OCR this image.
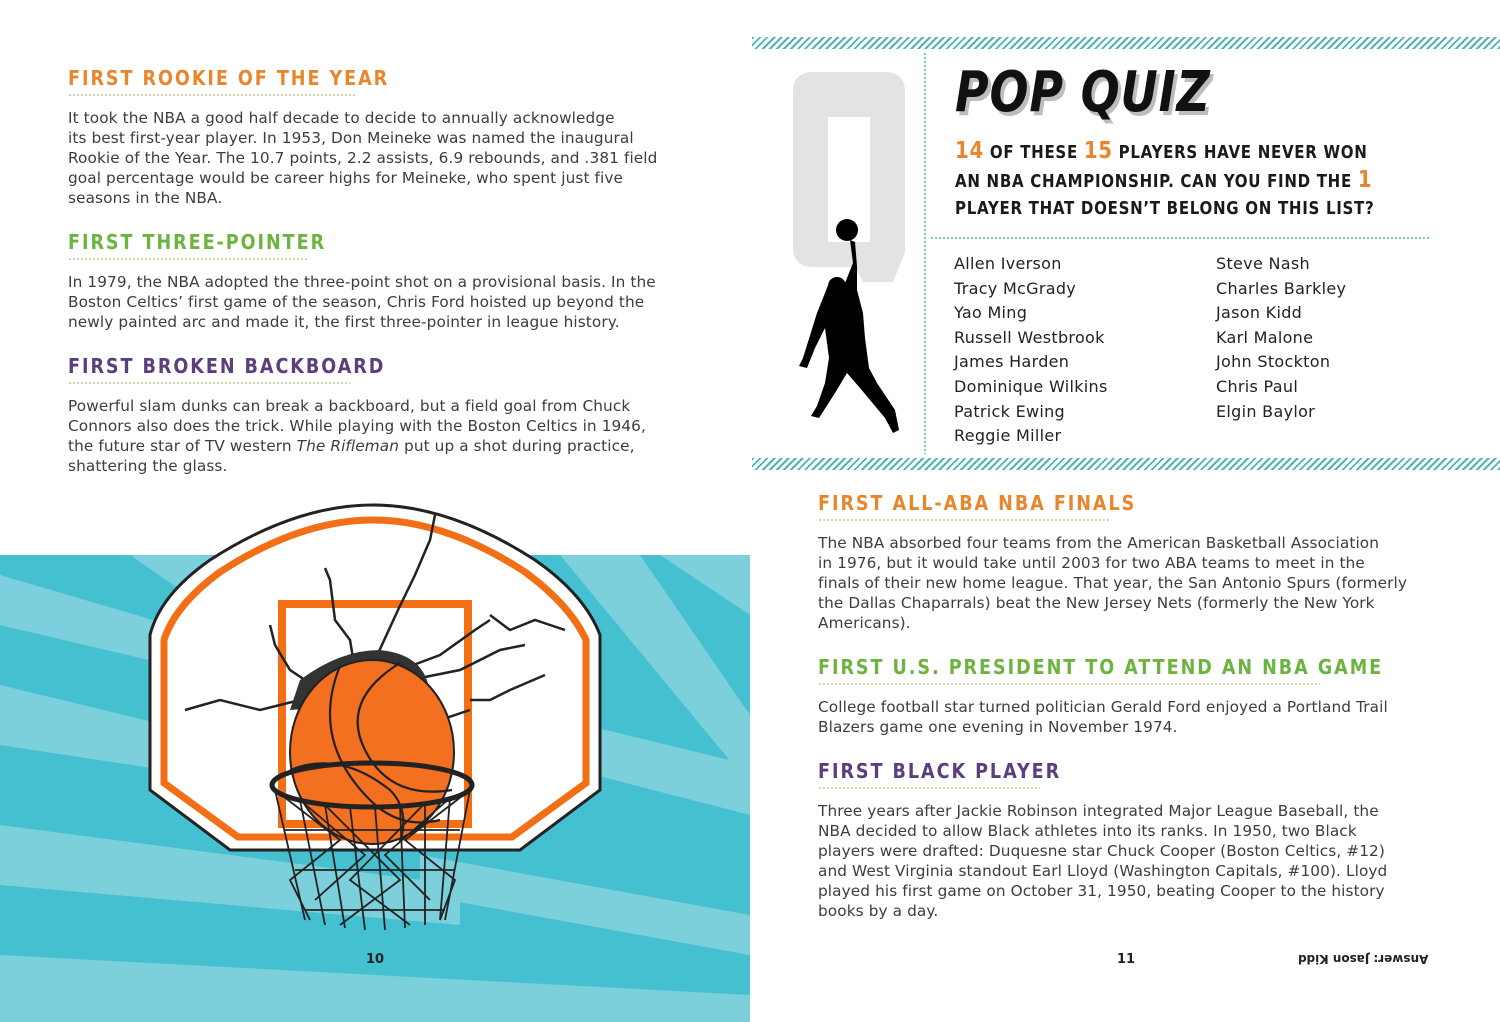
FIRST ROOKIE OF THE YEAR
It took the NBA a good half decade to decide to annually acknowledge
its best first-year player. In 1953, Don Meineke was named the inaugural
Rookie of the Year. The 10.7 points, 2.2 assists, 6.9 rebounds, and .381 field
goal percentage would be career highs for Meineke, who spent just five
seasons in the NBA.
FIRST THREE-POINTER
In 1979, the NBA adopted the three-point shot on a provisional basis. In the
Boston Celtics’ first game of the season, Chris Ford hoisted up beyond the
newly painted arc and made it, the first three-pointer in league history.
FIRST BROKEN BACKBOARD
Powerful slam dunks can break a backboard, but a field goal from Chuck
Connors also does the trick. While playing with the Boston Celtics in 1946,
the future star of TV western The Rifleman put up a shot during practice,
shattering the glass.
10
POP QUIZ
14 OF THESE 15 PLAYERS HAVE NEVER WON
AN NBA CHAMPIONSHIP. CAN YOU FIND THE 1
PLAYER THAT DOESN’T BELONG ON THIS LIST?
Allen Iverson
Tracy McGrady
Yao Ming
Russell Westbrook
James Harden
Dominique Wilkins
Patrick Ewing
Reggie Miller
Steve Nash
Charles Barkley
Jason Kidd
Karl Malone
John Stockton
Chris Paul
Elgin Baylor
FIRST ALL-ABA NBA FINALS
The NBA absorbed four teams from the American Basketball Association
in 1976, but it would take until 2003 for two ABA teams to meet in the
finals of their new home league. That year, the San Antonio Spurs (formerly
the Dallas Chaparrals) beat the New Jersey Nets (formerly the New York
Americans).
FIRST U.S. PRESIDENT TO ATTEND AN NBA GAME
College football star turned politician Gerald Ford enjoyed a Portland Trail
Blazers game one evening in November 1974.
FIRST BLACK PLAYER
Three years after Jackie Robinson integrated Major League Baseball, the
NBA decided to allow Black athletes into its ranks. In 1950, two Black
players were drafted: Duquesne star Chuck Cooper (Boston Celtics, #12)
and West Virginia standout Earl Lloyd (Washington Capitals, #100). Lloyd
played his first game on October 31, 1950, beating Cooper to the history
books by a day.
11	Answer: Jason Kidd
